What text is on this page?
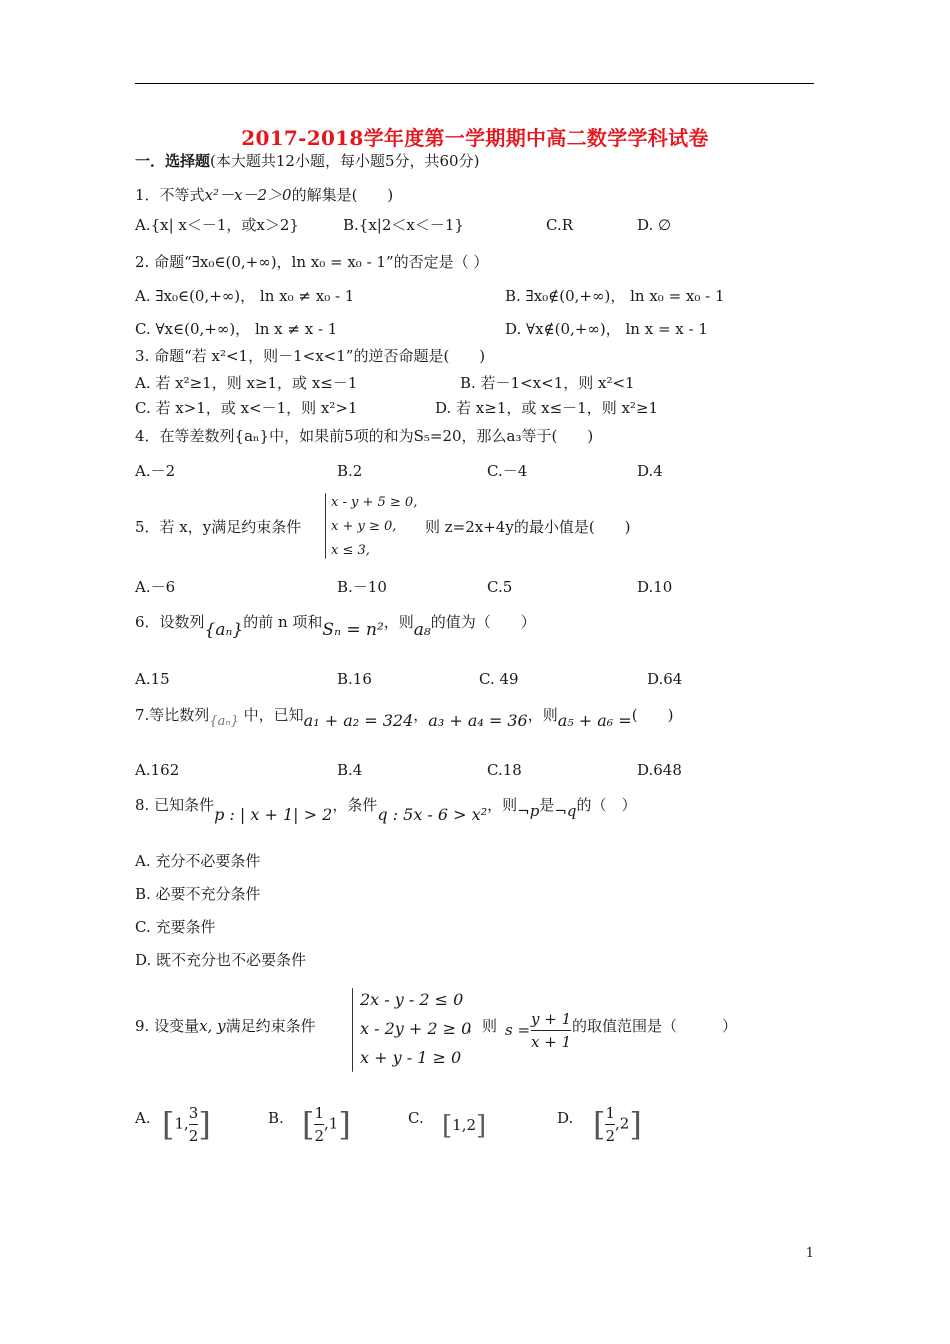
2017-2018学年度第一学期期中高二数学学科试卷
一．选择题(本大题共12小题，每小题5分，共60分)
1．不等式x²－x－2＞0的解集是(　　)
A.{x| x＜－1，或x＞2}	B.{x|2＜x＜－1}	C.R	D. ∅
2. 命题“∃x₀∈(0,+∞)，ln x₀ = x₀ - 1”的否定是（ ）
A. ∃x₀∈(0,+∞)， ln x₀ ≠ x₀ - 1	B. ∃x₀∉(0,+∞)， ln x₀ = x₀ - 1
C. ∀x∈(0,+∞)， ln x ≠ x - 1	D. ∀x∉(0,+∞)， ln x = x - 1
3. 命题“若 x²<1，则－1<x<1”的逆否命题是(　　)
A. 若 x²≥1，则 x≥1，或 x≤－1	B. 若－1<x<1，则 x²<1
C. 若 x>1，或 x<－1，则 x²>1	D. 若 x≥1，或 x≤－1，则 x²≥1
4．在等差数列{aₙ}中，如果前5项的和为S₅=20，那么a₃等于(　　)
A.－2	B.2	C.－4	D.4
5．若 x，y满足约束条件
x - y + 5 ≥ 0,
x + y ≥ 0,
x ≤ 3,
则 z=2x+4y的最小值是(　　)
A.－6	B.－10	C.5	D.10
6．设数列{aₙ}的前 n 项和Sₙ = n²，则a₈的值为（　　）
A.15	B.16	C. 49	D.64
7.等比数列{aₙ} 中，已知a₁ + a₂ = 324，a₃ + a₄ = 36，则a₅ + a₆ =(　　)
A.162	B.4	C.18	D.648
8. 已知条件p : | x + 1| > 2，条件q : 5x - 6 > x²，则¬p是¬q的（　）
A. 充分不必要条件
B. 必要不充分条件
C. 充要条件
D. 既不充分也不必要条件
9. 设变量x, y满足约束条件
2x - y - 2 ≤ 0
x - 2y + 2 ≥ 0
x + y - 1 ≥ 0
，则 $s = \frac{y + 1}{x + 1}$ 的取值范围是（　　　）
A. [1, $\frac{3}{2}$ ]	B. [ $\frac{1}{2} ,1$]	C. [1,2]	D. [ $\frac{1}{2} ,2$]
1
